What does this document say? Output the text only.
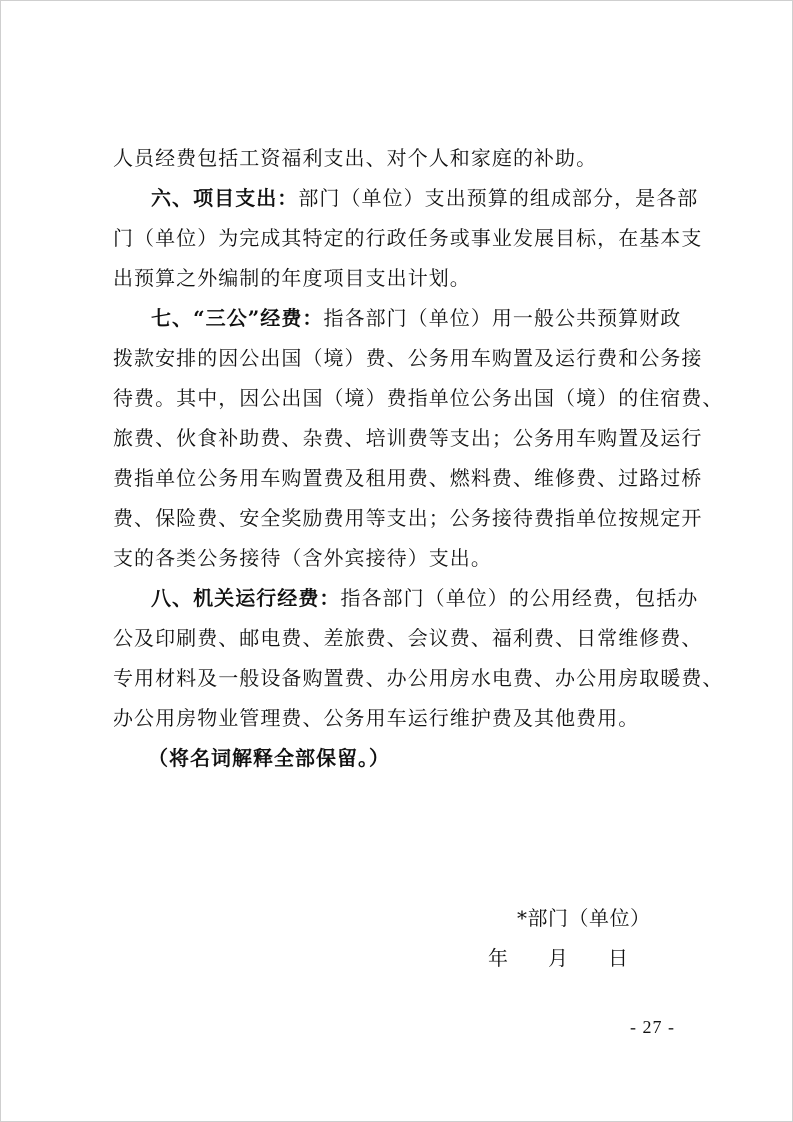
人员经费包括工资福利支出、对个人和家庭的补助。
六、项目支出：部门（单位）支出预算的组成部分，是各部
门（单位）为完成其特定的行政任务或事业发展目标，在基本支
出预算之外编制的年度项目支出计划。
七、“三公”经费：指各部门（单位）用一般公共预算财政
拨款安排的因公出国（境）费、公务用车购置及运行费和公务接
待费。其中，因公出国（境）费指单位公务出国（境）的住宿费、
旅费、伙食补助费、杂费、培训费等支出；公务用车购置及运行
费指单位公务用车购置费及租用费、燃料费、维修费、过路过桥
费、保险费、安全奖励费用等支出；公务接待费指单位按规定开
支的各类公务接待（含外宾接待）支出。
八、机关运行经费：指各部门（单位）的公用经费，包括办
公及印刷费、邮电费、差旅费、会议费、福利费、日常维修费、
专用材料及一般设备购置费、办公用房水电费、办公用房取暖费、
办公用房物业管理费、公务用车运行维护费及其他费用。
（将名词解释全部保留。）
*部门（单位）
年　　月　　日
- 27 -
